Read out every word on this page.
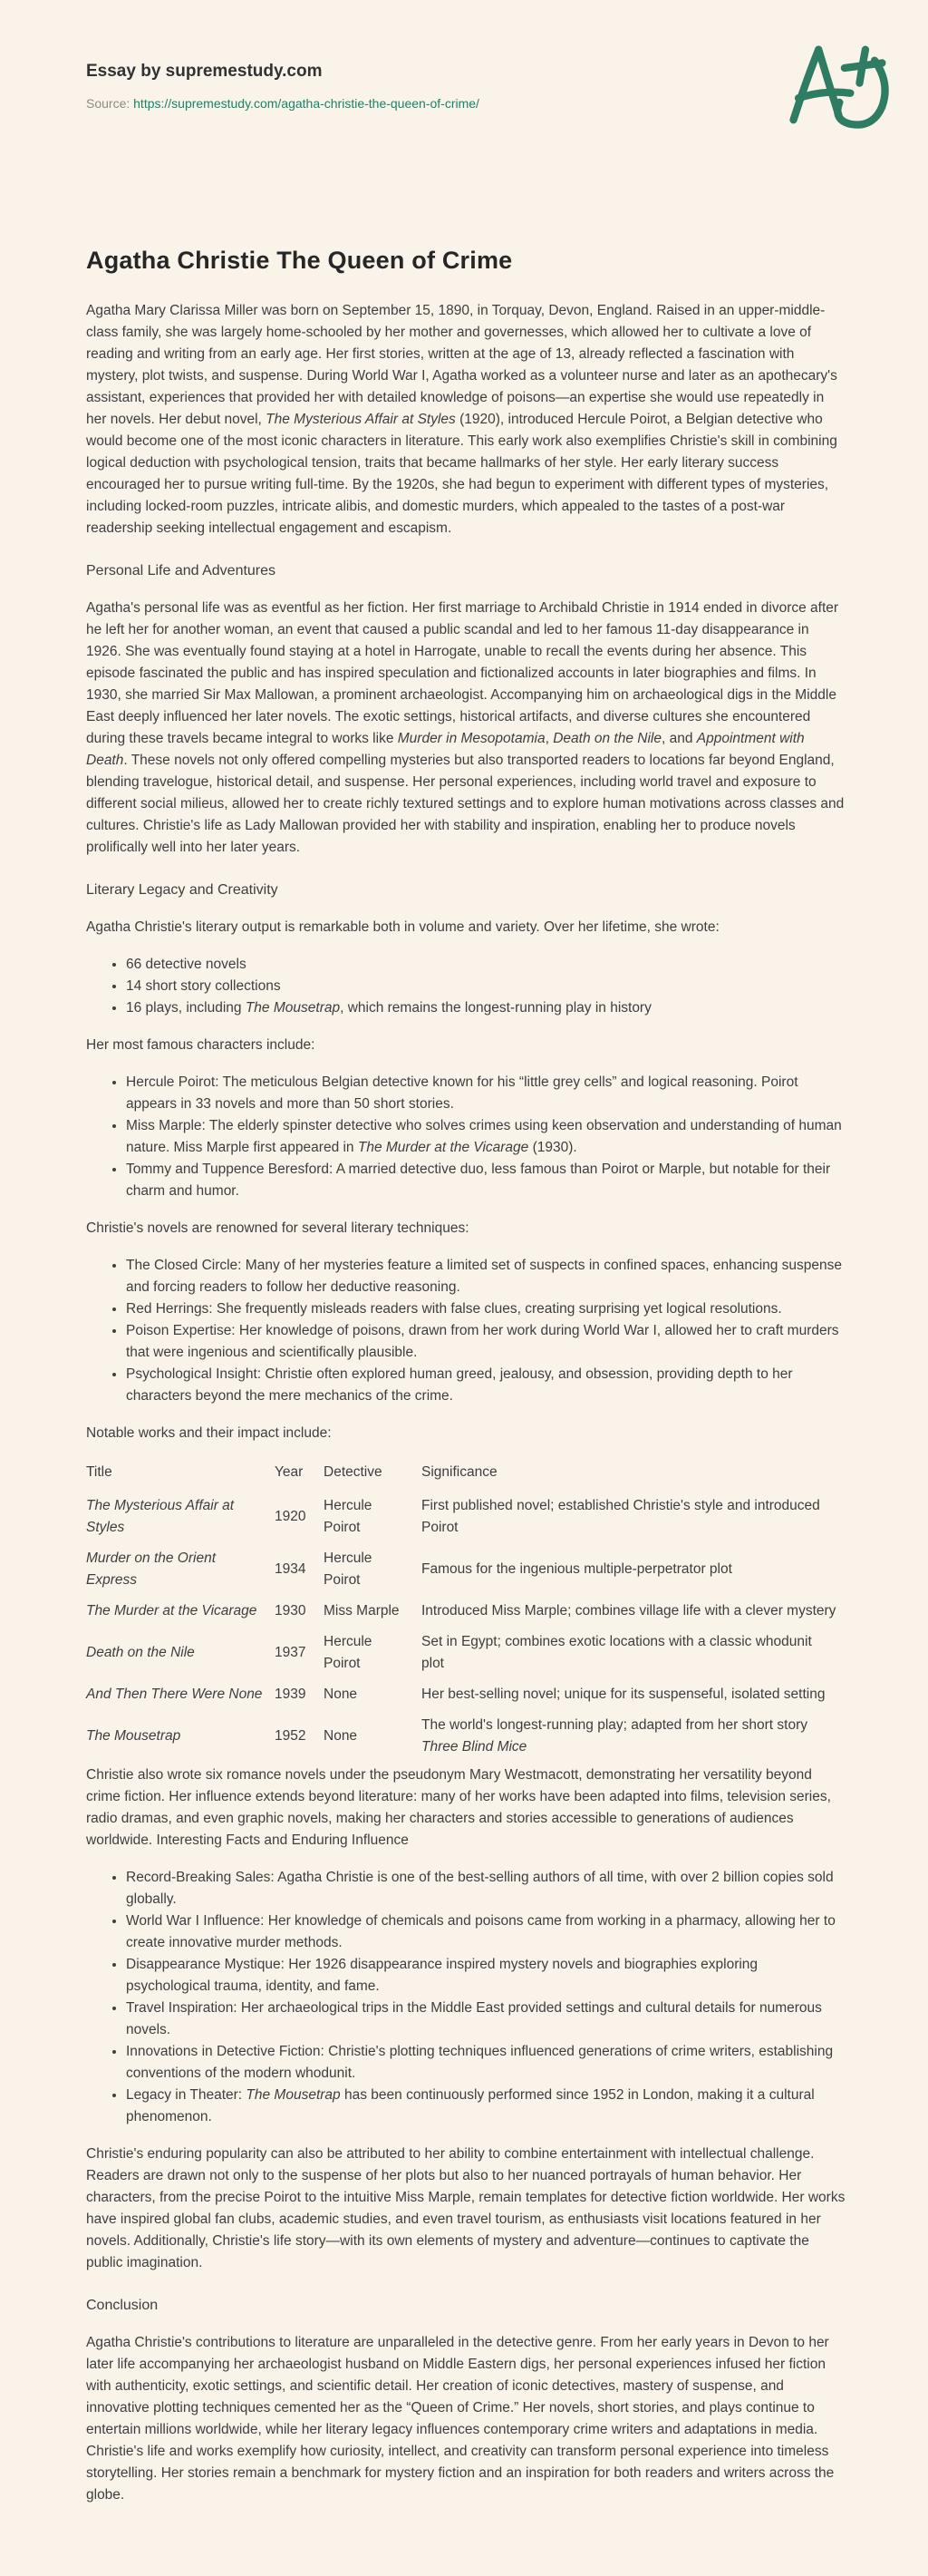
Essay by supremestudy.com
Source: https://supremestudy.com/agatha-christie-the-queen-of-crime/
Agatha Christie The Queen of Crime

Agatha Mary Clarissa Miller was born on September 15, 1890, in Torquay, Devon, England. Raised in an upper-middle-class family, she was largely home-schooled by her mother and governesses, which allowed her to cultivate a love of reading and writing from an early age. Her first stories, written at the age of 13, already reflected a fascination with mystery, plot twists, and suspense. During World War I, Agatha worked as a volunteer nurse and later as an apothecary's assistant, experiences that provided her with detailed knowledge of poisons—an expertise she would use repeatedly in her novels. Her debut novel, The Mysterious Affair at Styles (1920), introduced Hercule Poirot, a Belgian detective who would become one of the most iconic characters in literature. This early work also exemplifies Christie's skill in combining logical deduction with psychological tension, traits that became hallmarks of her style. Her early literary success encouraged her to pursue writing full-time. By the 1920s, she had begun to experiment with different types of mysteries, including locked-room puzzles, intricate alibis, and domestic murders, which appealed to the tastes of a post-war readership seeking intellectual engagement and escapism.

Personal Life and Adventures

Agatha's personal life was as eventful as her fiction. Her first marriage to Archibald Christie in 1914 ended in divorce after he left her for another woman, an event that caused a public scandal and led to her famous 11-day disappearance in 1926. She was eventually found staying at a hotel in Harrogate, unable to recall the events during her absence. This episode fascinated the public and has inspired speculation and fictionalized accounts in later biographies and films. In 1930, she married Sir Max Mallowan, a prominent archaeologist. Accompanying him on archaeological digs in the Middle East deeply influenced her later novels. The exotic settings, historical artifacts, and diverse cultures she encountered during these travels became integral to works like Murder in Mesopotamia, Death on the Nile, and Appointment with Death. These novels not only offered compelling mysteries but also transported readers to locations far beyond England, blending travelogue, historical detail, and suspense. Her personal experiences, including world travel and exposure to different social milieus, allowed her to create richly textured settings and to explore human motivations across classes and cultures. Christie's life as Lady Mallowan provided her with stability and inspiration, enabling her to produce novels prolifically well into her later years.

Literary Legacy and Creativity

Agatha Christie's literary output is remarkable both in volume and variety. Over her lifetime, she wrote:

• 66 detective novels
• 14 short story collections
• 16 plays, including The Mousetrap, which remains the longest-running play in history

Her most famous characters include:

• Hercule Poirot: The meticulous Belgian detective known for his “little grey cells” and logical reasoning. Poirot appears in 33 novels and more than 50 short stories.
• Miss Marple: The elderly spinster detective who solves crimes using keen observation and understanding of human nature. Miss Marple first appeared in The Murder at the Vicarage (1930).
• Tommy and Tuppence Beresford: A married detective duo, less famous than Poirot or Marple, but notable for their charm and humor.

Christie's novels are renowned for several literary techniques:

• The Closed Circle: Many of her mysteries feature a limited set of suspects in confined spaces, enhancing suspense and forcing readers to follow her deductive reasoning.
• Red Herrings: She frequently misleads readers with false clues, creating surprising yet logical resolutions.
• Poison Expertise: Her knowledge of poisons, drawn from her work during World War I, allowed her to craft murders that were ingenious and scientifically plausible.
• Psychological Insight: Christie often explored human greed, jealousy, and obsession, providing depth to her characters beyond the mere mechanics of the crime.

Notable works and their impact include:

Title	Year	Detective	Significance
The Mysterious Affair at Styles	1920	Hercule Poirot	First published novel; established Christie's style and introduced Poirot
Murder on the Orient Express	1934	Hercule Poirot	Famous for the ingenious multiple-perpetrator plot
The Murder at the Vicarage	1930	Miss Marple	Introduced Miss Marple; combines village life with a clever mystery
Death on the Nile	1937	Hercule Poirot	Set in Egypt; combines exotic locations with a classic whodunit plot
And Then There Were None	1939	None	Her best-selling novel; unique for its suspenseful, isolated setting
The Mousetrap	1952	None	The world's longest-running play; adapted from her short story Three Blind Mice

Christie also wrote six romance novels under the pseudonym Mary Westmacott, demonstrating her versatility beyond crime fiction. Her influence extends beyond literature: many of her works have been adapted into films, television series, radio dramas, and even graphic novels, making her characters and stories accessible to generations of audiences worldwide. Interesting Facts and Enduring Influence

• Record-Breaking Sales: Agatha Christie is one of the best-selling authors of all time, with over 2 billion copies sold globally.
• World War I Influence: Her knowledge of chemicals and poisons came from working in a pharmacy, allowing her to create innovative murder methods.
• Disappearance Mystique: Her 1926 disappearance inspired mystery novels and biographies exploring psychological trauma, identity, and fame.
• Travel Inspiration: Her archaeological trips in the Middle East provided settings and cultural details for numerous novels.
• Innovations in Detective Fiction: Christie's plotting techniques influenced generations of crime writers, establishing conventions of the modern whodunit.
• Legacy in Theater: The Mousetrap has been continuously performed since 1952 in London, making it a cultural phenomenon.

Christie's enduring popularity can also be attributed to her ability to combine entertainment with intellectual challenge. Readers are drawn not only to the suspense of her plots but also to her nuanced portrayals of human behavior. Her characters, from the precise Poirot to the intuitive Miss Marple, remain templates for detective fiction worldwide. Her works have inspired global fan clubs, academic studies, and even travel tourism, as enthusiasts visit locations featured in her novels. Additionally, Christie's life story—with its own elements of mystery and adventure—continues to captivate the public imagination.

Conclusion

Agatha Christie's contributions to literature are unparalleled in the detective genre. From her early years in Devon to her later life accompanying her archaeologist husband on Middle Eastern digs, her personal experiences infused her fiction with authenticity, exotic settings, and scientific detail. Her creation of iconic detectives, mastery of suspense, and innovative plotting techniques cemented her as the “Queen of Crime.” Her novels, short stories, and plays continue to entertain millions worldwide, while her literary legacy influences contemporary crime writers and adaptations in media. Christie's life and works exemplify how curiosity, intellect, and creativity can transform personal experience into timeless storytelling. Her stories remain a benchmark for mystery fiction and an inspiration for both readers and writers across the globe.
